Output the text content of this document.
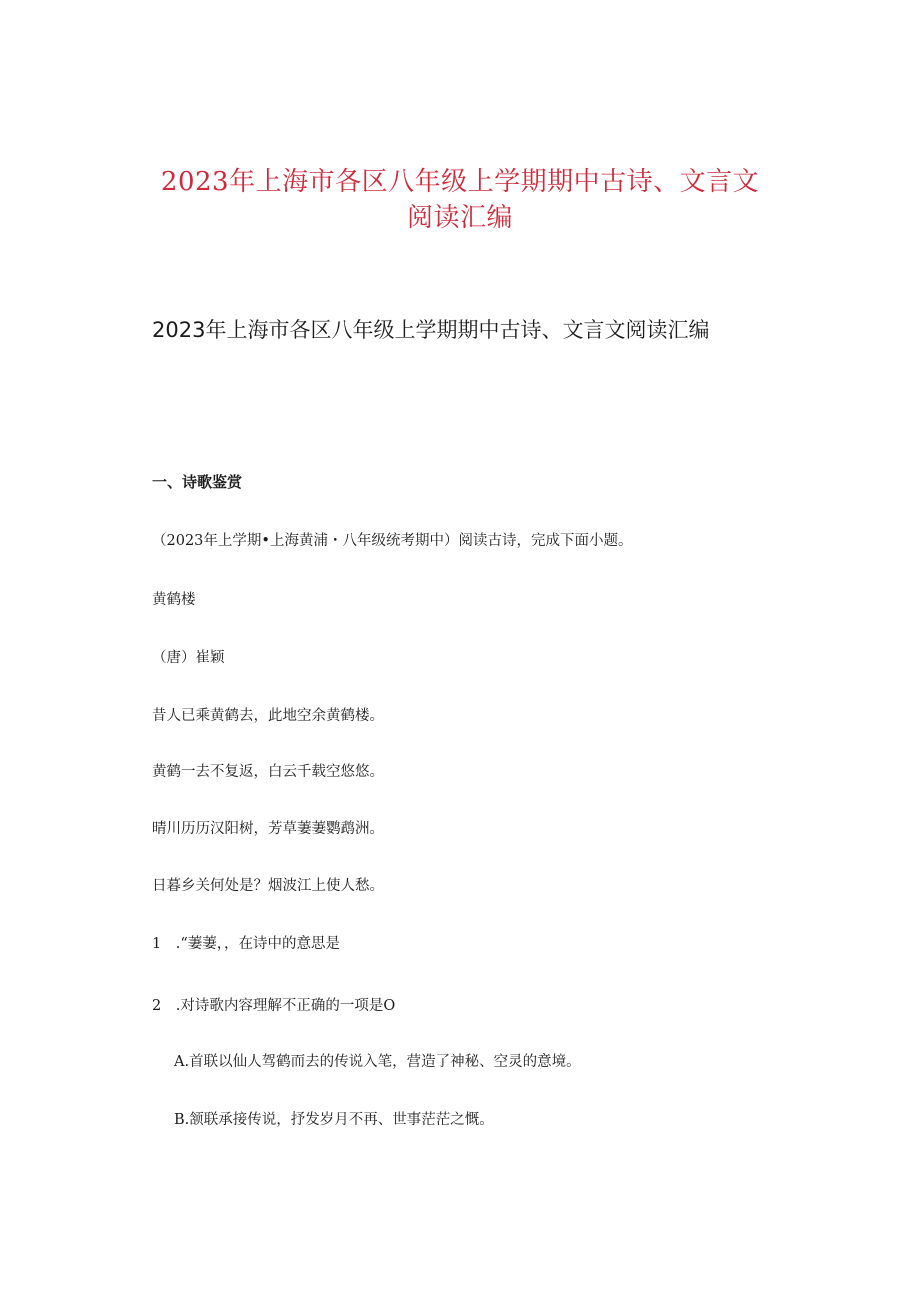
2023年上海市各区八年级上学期期中古诗、文言文阅读汇编
2023年上海市各区八年级上学期期中古诗、文言文阅读汇编

一、诗歌鉴赏

（2023年上学期•上海黄浦・八年级统考期中）阅读古诗，完成下面小题。

黄鹤楼

（唐）崔颖

昔人已乘黄鹤去，此地空余黄鹤楼。

黄鹤一去不复返，白云千载空悠悠。

晴川历历汉阳树，芳草萋萋鹦鹉洲。

日暮乡关何处是？烟波江上使人愁。

1　.“萋萋，，在诗中的意思是

2　.对诗歌内容理解不正确的一项是O

A.首联以仙人驾鹤而去的传说入笔，营造了神秘、空灵的意境。

B.颔联承接传说，抒发岁月不再、世事茫茫之慨。
